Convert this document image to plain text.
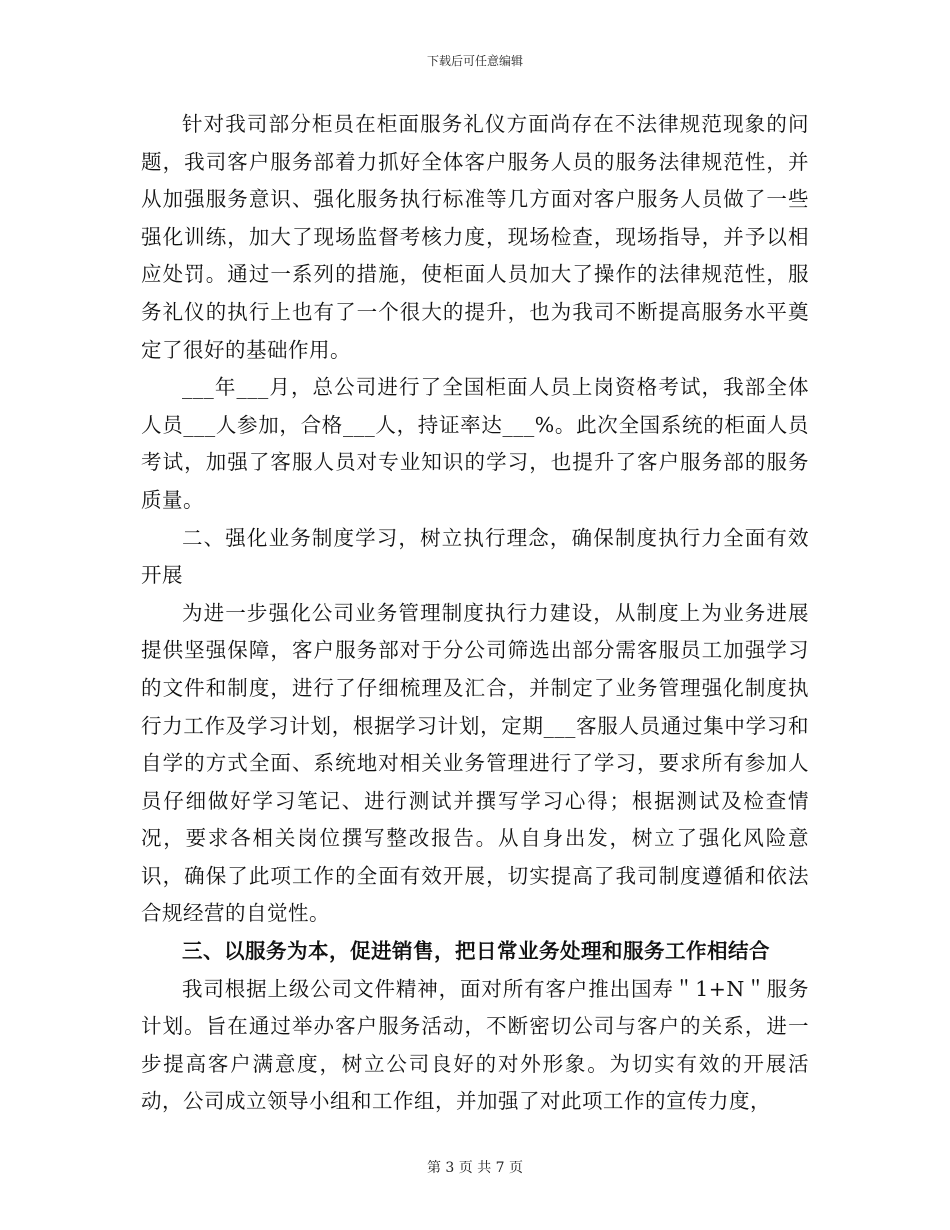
下载后可任意编辑

针对我司部分柜员在柜面服务礼仪方面尚存在不法律规范现象的问题，我司客户服务部着力抓好全体客户服务人员的服务法律规范性，并从加强服务意识、强化服务执行标准等几方面对客户服务人员做了一些强化训练，加大了现场监督考核力度，现场检查，现场指导，并予以相应处罚。通过一系列的措施，使柜面人员加大了操作的法律规范性，服务礼仪的执行上也有了一个很大的提升，也为我司不断提高服务水平奠定了很好的基础作用。

___年___月，总公司进行了全国柜面人员上岗资格考试，我部全体人员___人参加，合格___人，持证率达___%。此次全国系统的柜面人员考试，加强了客服人员对专业知识的学习，也提升了客户服务部的服务质量。

二、强化业务制度学习，树立执行理念，确保制度执行力全面有效开展

为进一步强化公司业务管理制度执行力建设，从制度上为业务进展提供坚强保障，客户服务部对于分公司筛选出部分需客服员工加强学习的文件和制度，进行了仔细梳理及汇合，并制定了业务管理强化制度执行力工作及学习计划，根据学习计划，定期___客服人员通过集中学习和自学的方式全面、系统地对相关业务管理进行了学习，要求所有参加人员仔细做好学习笔记、进行测试并撰写学习心得；根据测试及检查情况，要求各相关岗位撰写整改报告。从自身出发，树立了强化风险意识，确保了此项工作的全面有效开展，切实提高了我司制度遵循和依法合规经营的自觉性。

三、以服务为本，促进销售，把日常业务处理和服务工作相结合

我司根据上级公司文件精神，面对所有客户推出国寿＂1+N＂服务计划。旨在通过举办客户服务活动，不断密切公司与客户的关系，进一步提高客户满意度，树立公司良好的对外形象。为切实有效的开展活动，公司成立领导小组和工作组，并加强了对此项工作的宣传力度，

第 3 页 共 7 页
